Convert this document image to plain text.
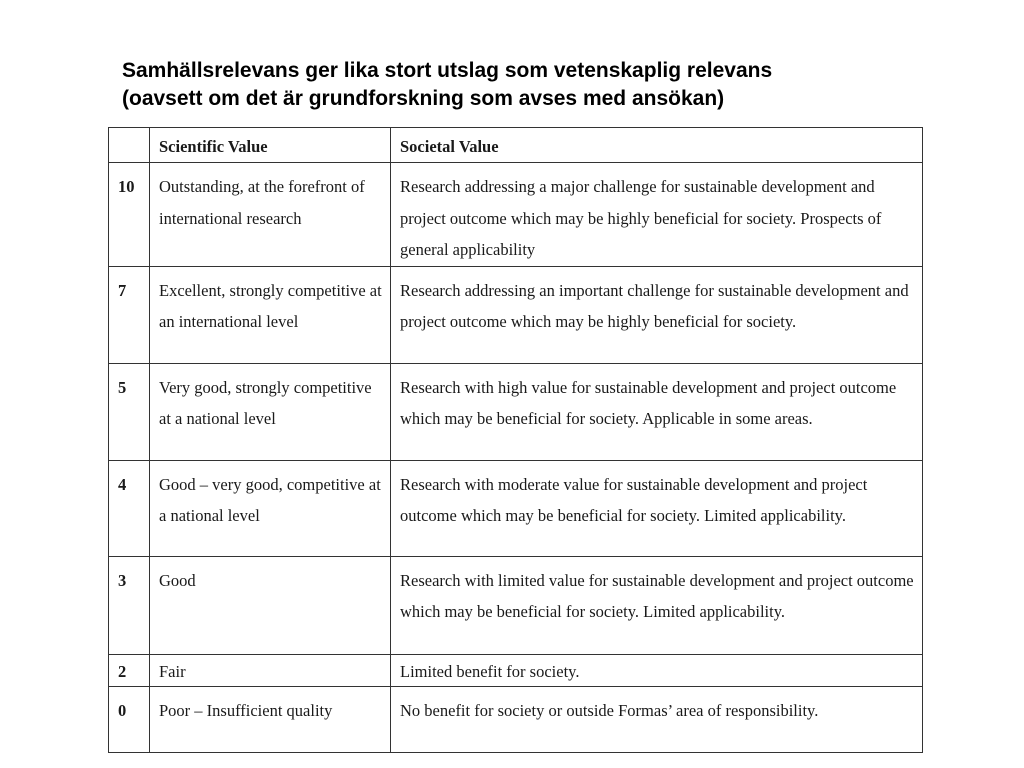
Samhällsrelevans ger lika stort utslag som vetenskaplig relevans
(oavsett om det är grundforskning som avses med ansökan)
	Scientific Value	Societal Value
10	Outstanding, at the forefront of international research	Research addressing a major challenge for sustainable development and project outcome which may be highly beneficial for society. Prospects of general applicability
7	Excellent, strongly competitive at an international level	Research addressing an important challenge for sustainable development and project outcome which may be highly beneficial for society.
5	Very good, strongly competitive at a national level	Research with high value for sustainable development and project outcome which may be beneficial for society. Applicable in some areas.
4	Good – very good, competitive at a national level	Research with moderate value for sustainable development and project outcome which may be beneficial for society. Limited applicability.
3	Good	Research with limited value for sustainable development and project outcome which may be beneficial for society. Limited applicability.
2	Fair	Limited benefit for society.
0	Poor – Insufficient quality	No benefit for society or outside Formas’ area of responsibility.
